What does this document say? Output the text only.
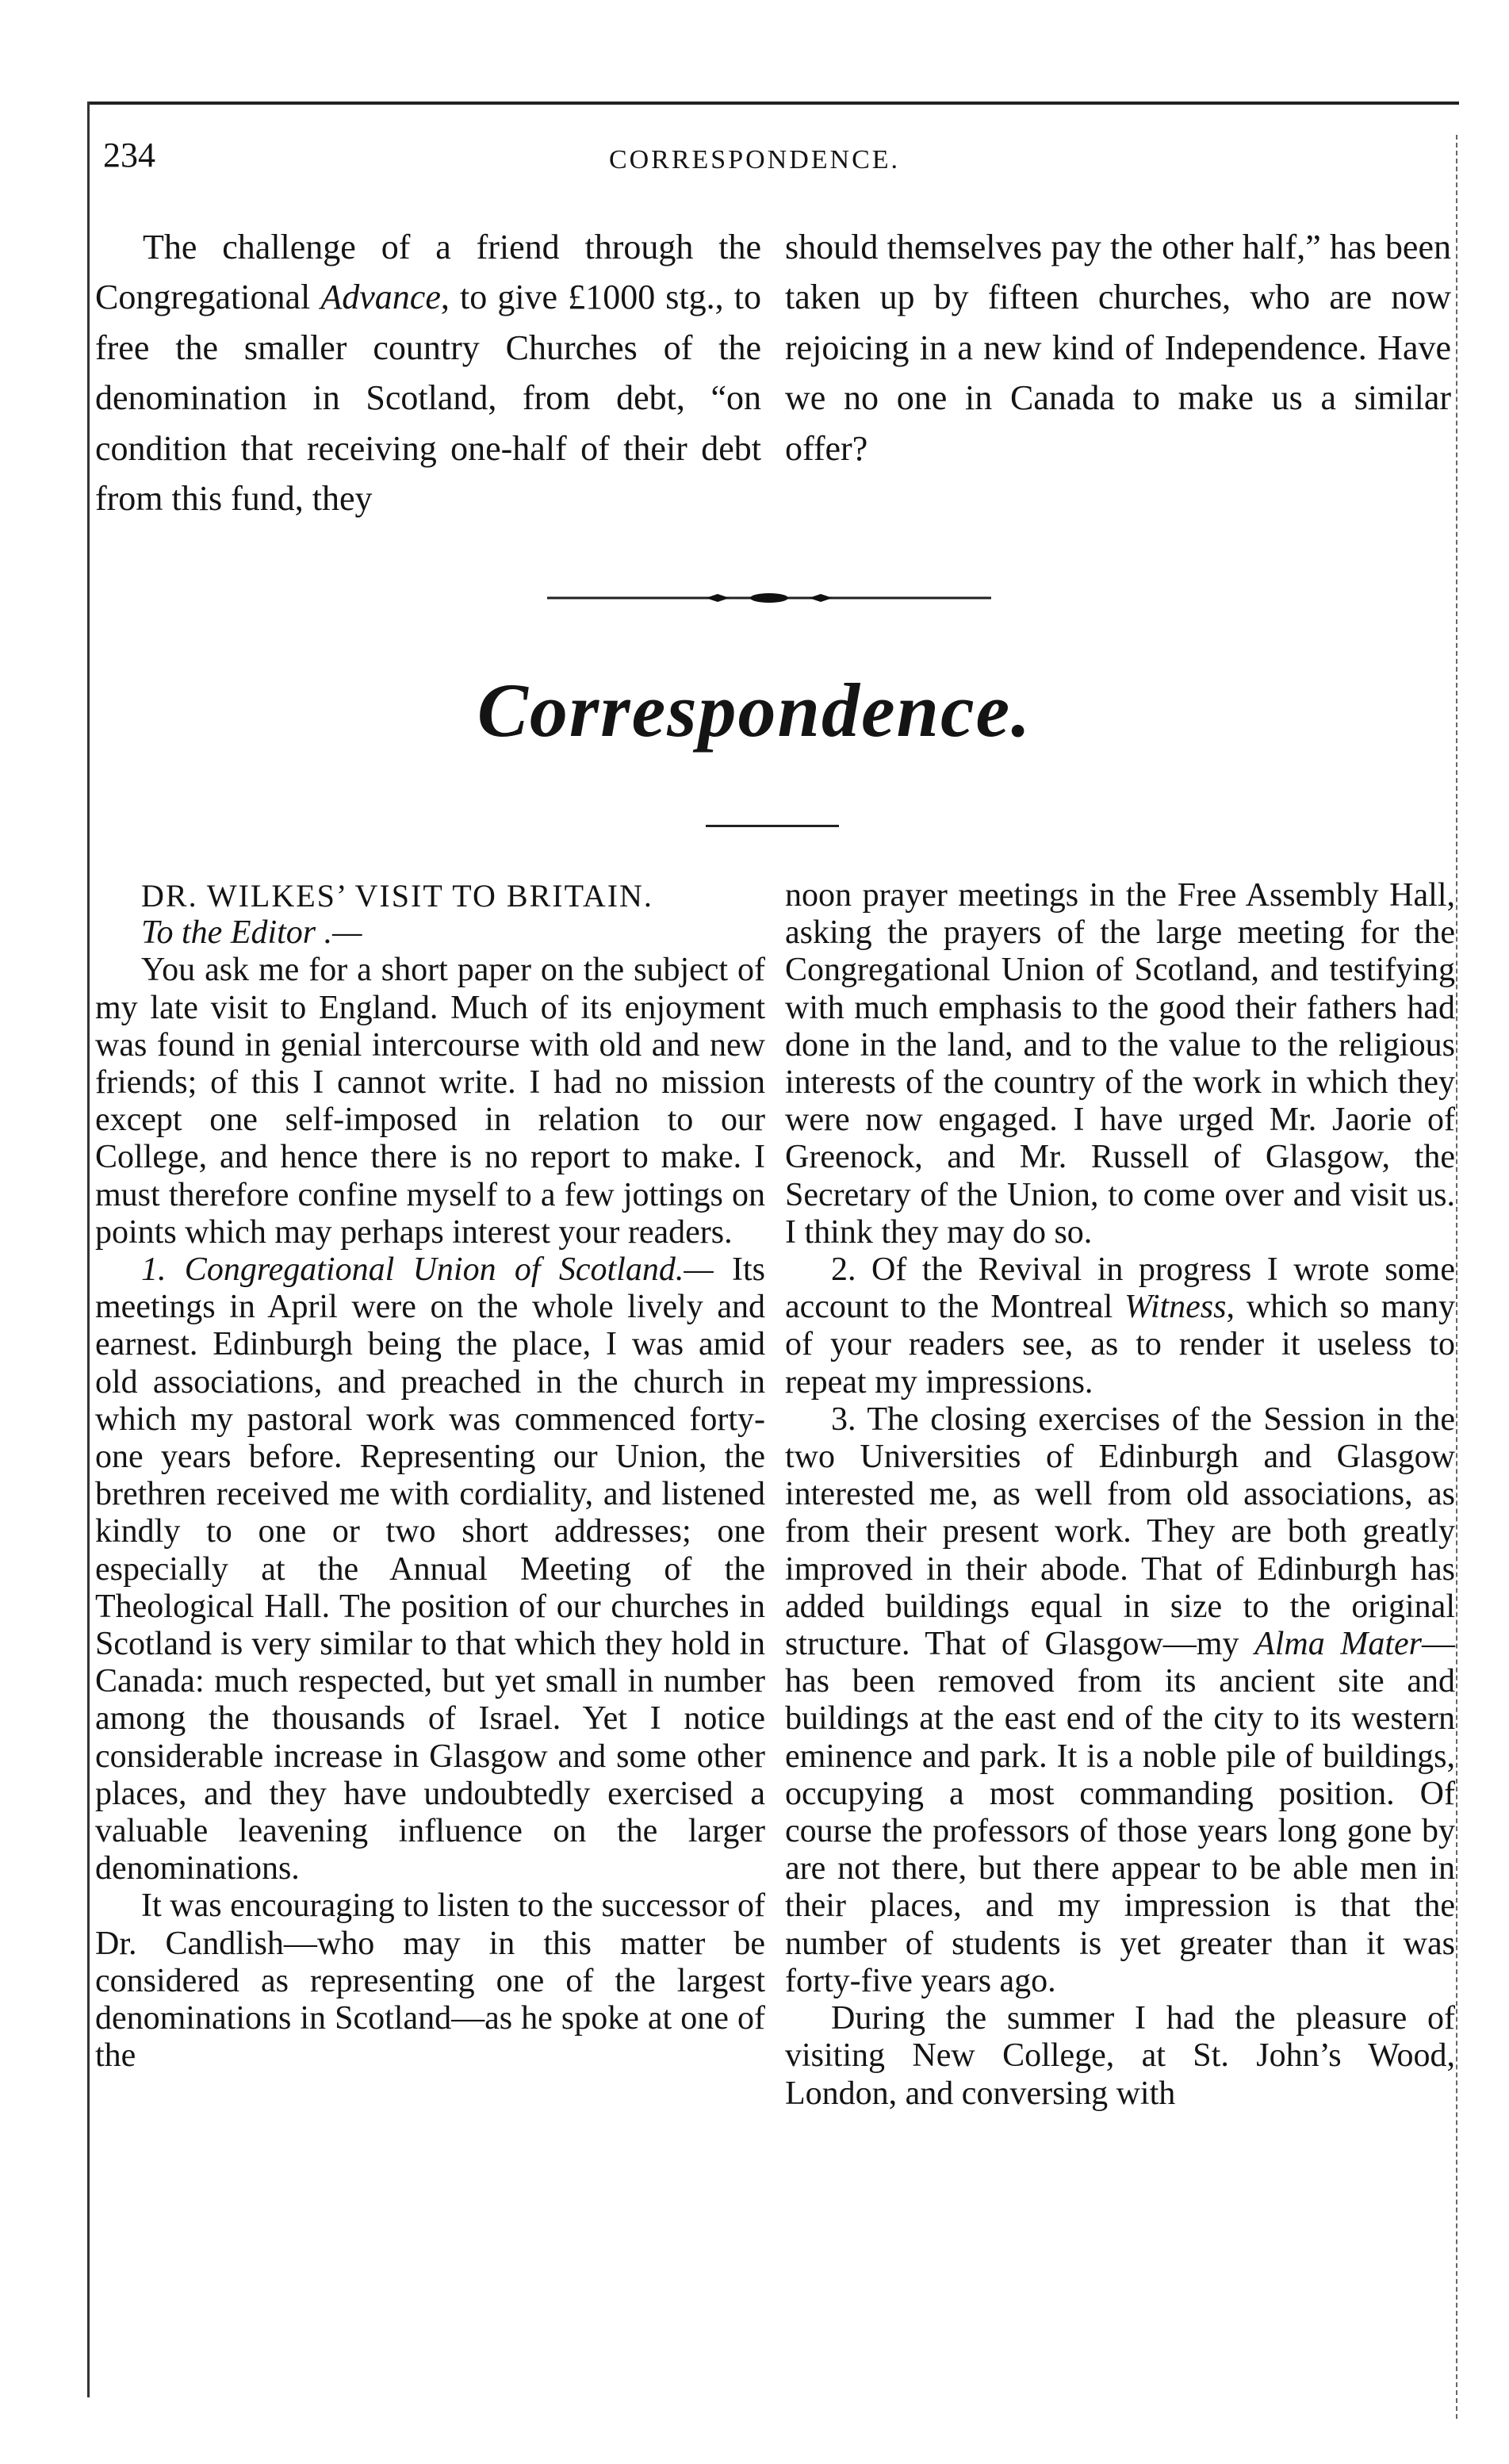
234	CORRESPONDENCE.

The challenge of a friend through the Congregational Advance, to give £1000 stg., to free the smaller country Churches of the denomination in Scotland, from debt, “on condition that receiving one-half of their debt from this fund, they

should themselves pay the other half,” has been taken up by fifteen churches, who are now rejoicing in a new kind of Independence. Have we no one in Canada to make us a similar offer?

Correspondence.

DR. WILKES’ VISIT TO BRITAIN.

To the Editor .—

You ask me for a short paper on the subject of my late visit to England. Much of its enjoyment was found in genial intercourse with old and new friends; of this I cannot write. I had no mission except one self-imposed in relation to our College, and hence there is no report to make. I must therefore confine myself to a few jottings on points which may perhaps interest your readers.

1. Congregational Union of Scotland.— Its meetings in April were on the whole lively and earnest. Edinburgh being the place, I was amid old associations, and preached in the church in which my pastoral work was commenced forty-one years before. Representing our Union, the brethren received me with cordiality, and listened kindly to one or two short addresses; one especially at the Annual Meeting of the Theological Hall. The position of our churches in Scotland is very similar to that which they hold in Canada: much respected, but yet small in number among the thousands of Israel. Yet I notice considerable increase in Glasgow and some other places, and they have undoubtedly exercised a valuable leavening influence on the larger denominations.

It was encouraging to listen to the successor of Dr. Candlish—who may in this matter be considered as representing one of the largest denominations in Scotland—as he spoke at one of the

noon prayer meetings in the Free Assembly Hall, asking the prayers of the large meeting for the Congregational Union of Scotland, and testifying with much emphasis to the good their fathers had done in the land, and to the value to the religious interests of the country of the work in which they were now engaged. I have urged Mr. Jaorie of Greenock, and Mr. Russell of Glasgow, the Secretary of the Union, to come over and visit us. I think they may do so.

2. Of the Revival in progress I wrote some account to the Montreal Witness, which so many of your readers see, as to render it useless to repeat my impressions.

3. The closing exercises of the Session in the two Universities of Edinburgh and Glasgow interested me, as well from old associations, as from their present work. They are both greatly improved in their abode. That of Edinburgh has added buildings equal in size to the original structure. That of Glasgow—my Alma Mater—has been removed from its ancient site and buildings at the east end of the city to its western eminence and park. It is a noble pile of buildings, occupying a most commanding position. Of course the professors of those years long gone by are not there, but there appear to be able men in their places, and my impression is that the number of students is yet greater than it was forty-five years ago.

During the summer I had the pleasure of visiting New College, at St. John’s Wood, London, and conversing with
